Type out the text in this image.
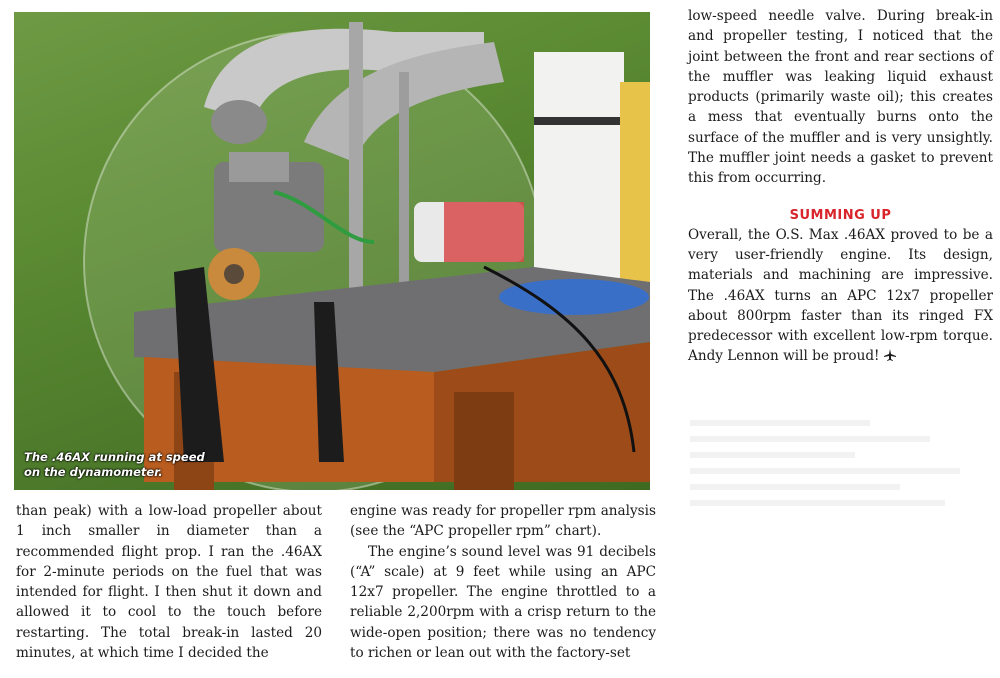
The .46AX running at speed
on the dynamometer.

than peak) with a low-load propeller about 1 inch smaller in diameter than a recommended flight prop. I ran the .46AX for 2-minute periods on the fuel that was intended for flight. I then shut it down and allowed it to cool to the touch before restarting. The total break-in lasted 20 minutes, at which time I decided the

engine was ready for propeller rpm analysis (see the “APC propeller rpm” chart).

The engine’s sound level was 91 decibels (“A” scale) at 9 feet while using an APC 12x7 propeller. The engine throttled to a reliable 2,200rpm with a crisp return to the wide-open position; there was no tendency to richen or lean out with the factory-set

low-speed needle valve. During break-in and propeller testing, I noticed that the joint between the front and rear sections of the muffler was leaking liquid exhaust products (primarily waste oil); this creates a mess that eventually burns onto the surface of the muffler and is very unsightly. The muffler joint needs a gasket to prevent this from occurring.

SUMMING UP

Overall, the O.S. Max .46AX proved to be a very user-friendly engine. Its design, materials and machining are impressive. The .46AX turns an APC 12x7 propeller about 800rpm faster than its ringed FX predecessor with excellent low-rpm torque. Andy Lennon will be proud!
